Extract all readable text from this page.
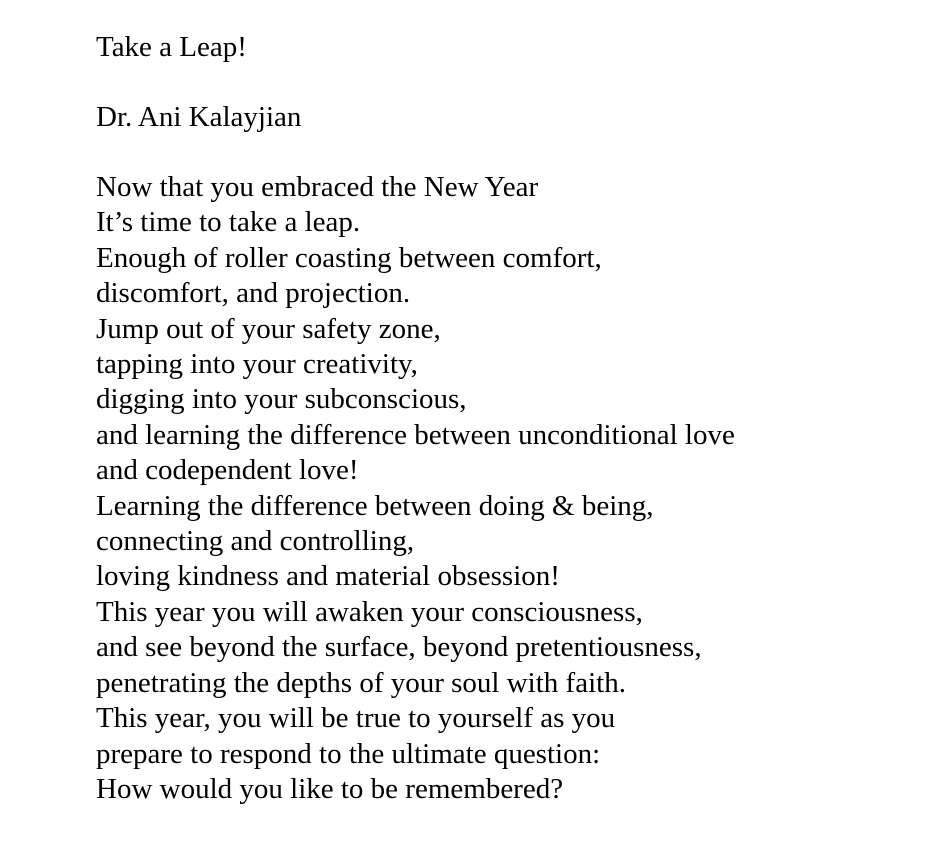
Take a Leap!

Dr. Ani Kalayjian

Now that you embraced the New Year
It’s time to take a leap.
Enough of roller coasting between comfort,
discomfort, and projection.
Jump out of your safety zone,
tapping into your creativity,
digging into your subconscious,
and learning the difference between unconditional love
and codependent love!
Learning the difference between doing & being,
connecting and controlling,
loving kindness and material obsession!
This year you will awaken your consciousness,
and see beyond the surface, beyond pretentiousness,
penetrating the depths of your soul with faith.
This year, you will be true to yourself as you
prepare to respond to the ultimate question:
How would you like to be remembered?
